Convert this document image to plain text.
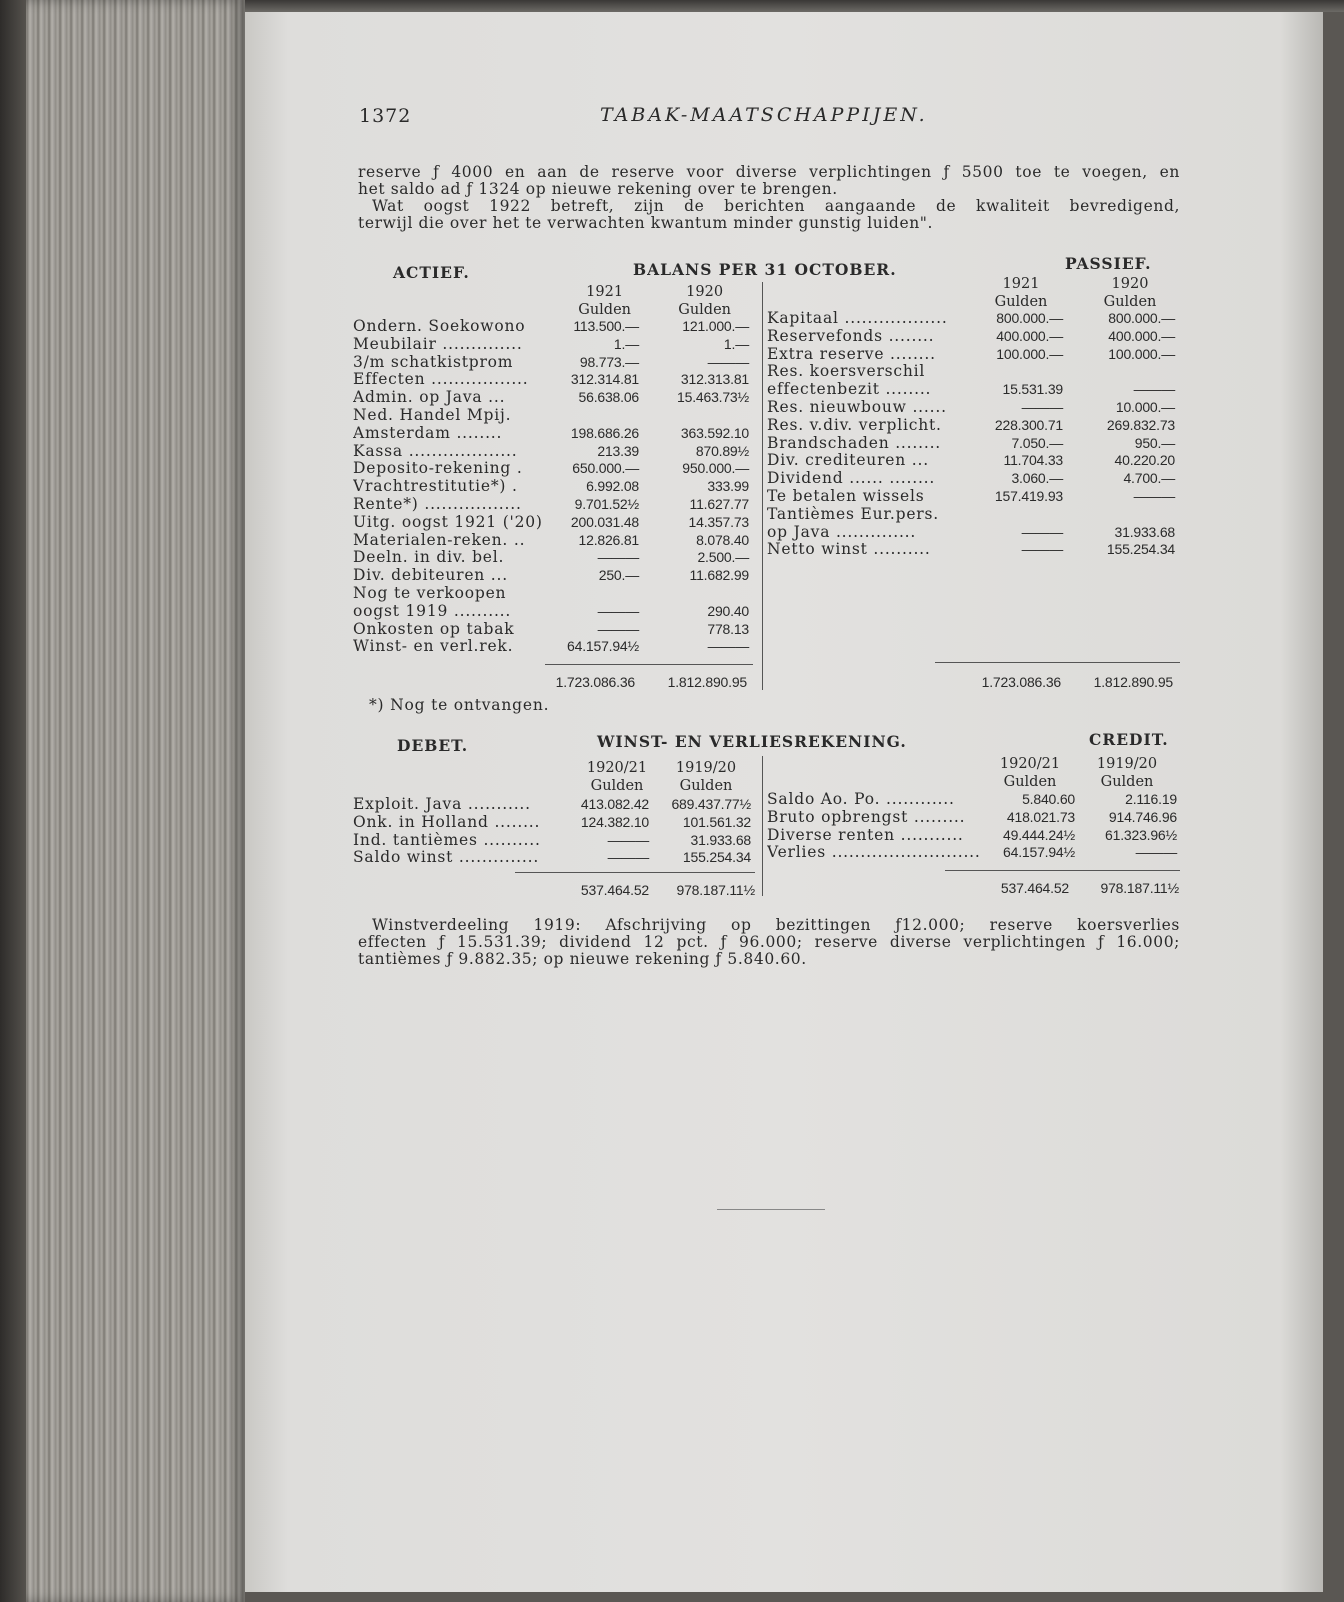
1372	TABAK-MAATSCHAPPIJEN.
reserve ƒ 4000 en aan de reserve voor diverse verplichtingen ƒ 5500 toe te voegen, en
het saldo ad ƒ 1324 op nieuwe rekening over te brengen.
Wat oogst 1922 betreft, zijn de berichten aangaande de kwaliteit bevredigend,
terwijl die over het te verwachten kwantum minder gunstig luiden".
ACTIEF.	BALANS PER 31 OCTOBER.	PASSIEF.
1921	1920
Gulden	Gulden
1921	1920
Gulden	Gulden
Ondern. Soekowono	113.500.—	121.000.—
Meubilair ..............	1.—	1.—
3/m schatkistprom	98.773.—	———
Effecten .................	312.314.81	312.313.81
Admin. op Java ...	56.638.06	15.463.73½
Ned. Handel Mpij.
Amsterdam ........	198.686.26	363.592.10
Kassa ...................	213.39	870.89½
Deposito-rekening .	650.000.—	950.000.—
Vrachtrestitutie*) .	6.992.08	333.99
Rente*) .................	9.701.52½	11.627.77
Uitg. oogst 1921 ('20)	200.031.48	14.357.73
Materialen-reken. ..	12.826.81	8.078.40
Deeln. in div. bel.	———	2.500.—
Div. debiteuren ...	250.—	11.682.99
Nog te verkoopen
oogst 1919 ..........	———	290.40
Onkosten op tabak	———	778.13
Winst- en verl.rek.	64.157.94½	———
Kapitaal ..................	800.000.—	800.000.—
Reservefonds ........	400.000.—	400.000.—
Extra reserve ........	100.000.—	100.000.—
Res. koersverschil
effectenbezit ........	15.531.39	———
Res. nieuwbouw ......	———	10.000.—
Res. v.div. verplicht.	228.300.71	269.832.73
Brandschaden ........	7.050.—	950.—
Div. crediteuren ...	11.704.33	40.220.20
Dividend ...... ........	3.060.—	4.700.—
Te betalen wissels	157.419.93	———
Tantièmes Eur.pers.
op Java ..............	———	31.933.68
Netto winst ..........	———	155.254.34
1.723.086.36	1.812.890.95	1.723.086.36	1.812.890.95
*) Nog te ontvangen.
DEBET.	WINST- EN VERLIESREKENING.	CREDIT.
1920/21	1919/20
Gulden	Gulden
1920/21	1919/20
Gulden	Gulden
Exploit. Java ...........	413.082.42	689.437.77½
Onk. in Holland ........	124.382.10	101.561.32
Ind. tantièmes ..........	———	31.933.68
Saldo winst ..............	———	155.254.34
Saldo Ao. Po. ............	5.840.60	2.116.19
Bruto opbrengst .........	418.021.73	914.746.96
Diverse renten ...........	49.444.24½	61.323.96½
Verlies ..........................	64.157.94½	———
537.464.52	978.187.11½	537.464.52	978.187.11½
Winstverdeeling 1919: Afschrijving op bezittingen ƒ12.000; reserve koersverlies
effecten ƒ 15.531.39; dividend 12 pct. ƒ 96.000; reserve diverse verplichtingen ƒ 16.000;
tantièmes ƒ 9.882.35; op nieuwe rekening ƒ 5.840.60.
